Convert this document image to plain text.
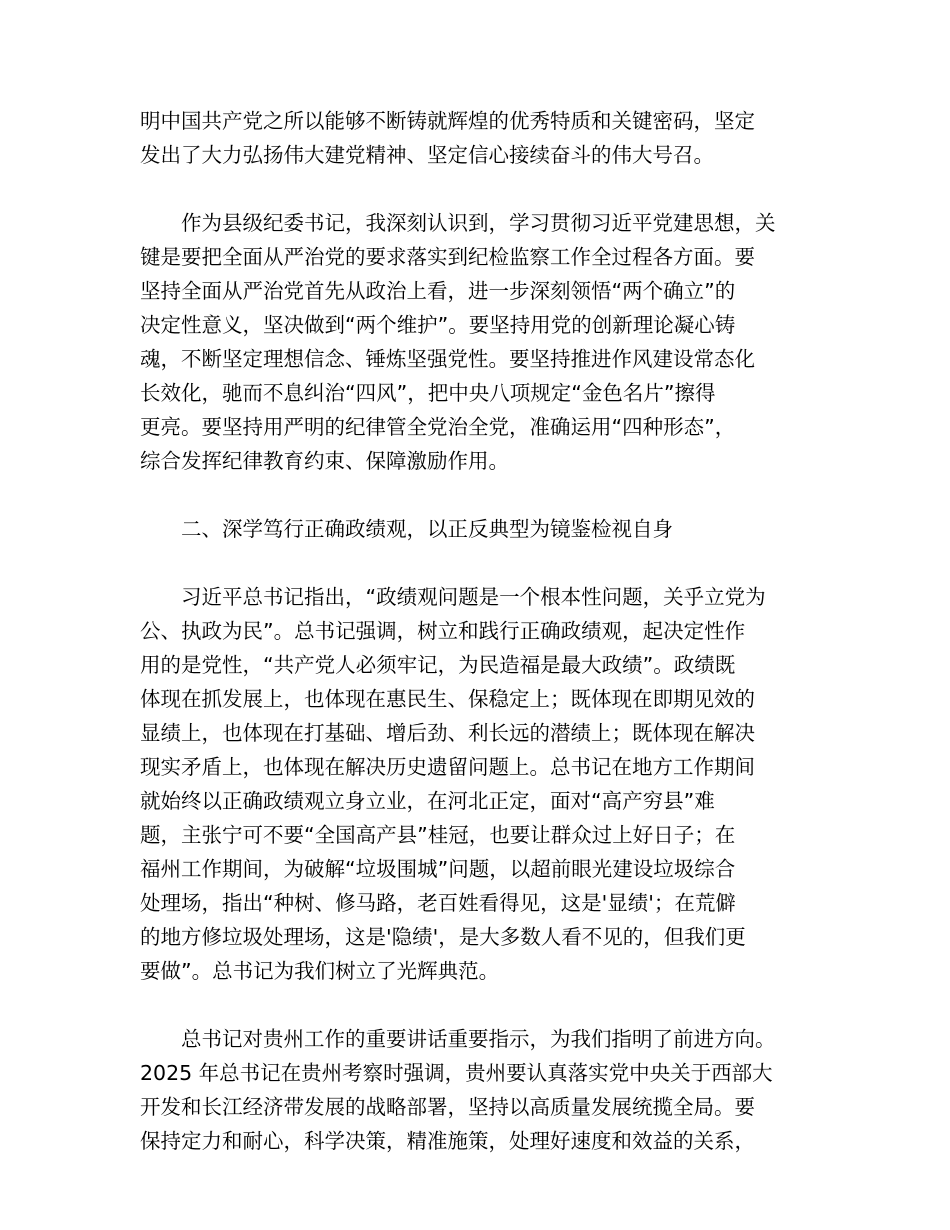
明中国共产党之所以能够不断铸就辉煌的优秀特质和关键密码，坚定
发出了大力弘扬伟大建党精神、坚定信心接续奋斗的伟大号召。
　　作为县级纪委书记，我深刻认识到，学习贯彻习近平党建思想，关
键是要把全面从严治党的要求落实到纪检监察工作全过程各方面。要
坚持全面从严治党首先从政治上看，进一步深刻领悟“两个确立”的
决定性意义，坚决做到“两个维护”。要坚持用党的创新理论凝心铸
魂，不断坚定理想信念、锤炼坚强党性。要坚持推进作风建设常态化
长效化，驰而不息纠治“四风”，把中央八项规定“金色名片”擦得
更亮。要坚持用严明的纪律管全党治全党，准确运用“四种形态”，
综合发挥纪律教育约束、保障激励作用。
　　二、深学笃行正确政绩观，以正反典型为镜鉴检视自身
　　习近平总书记指出，“政绩观问题是一个根本性问题，关乎立党为
公、执政为民”。总书记强调，树立和践行正确政绩观，起决定性作
用的是党性，“共产党人必须牢记，为民造福是最大政绩”。政绩既
体现在抓发展上，也体现在惠民生、保稳定上；既体现在即期见效的
显绩上，也体现在打基础、增后劲、利长远的潜绩上；既体现在解决
现实矛盾上，也体现在解决历史遗留问题上。总书记在地方工作期间
就始终以正确政绩观立身立业，在河北正定，面对“高产穷县”难
题，主张宁可不要“全国高产县”桂冠，也要让群众过上好日子；在
福州工作期间，为破解“垃圾围城”问题，以超前眼光建设垃圾综合
处理场，指出“种树、修马路，老百姓看得见，这是'显绩'；在荒僻
的地方修垃圾处理场，这是'隐绩'，是大多数人看不见的，但我们更
要做”。总书记为我们树立了光辉典范。
　　总书记对贵州工作的重要讲话重要指示，为我们指明了前进方向。
2025 年总书记在贵州考察时强调，贵州要认真落实党中央关于西部大
开发和长江经济带发展的战略部署，坚持以高质量发展统揽全局。要
保持定力和耐心，科学决策，精准施策，处理好速度和效益的关系，
